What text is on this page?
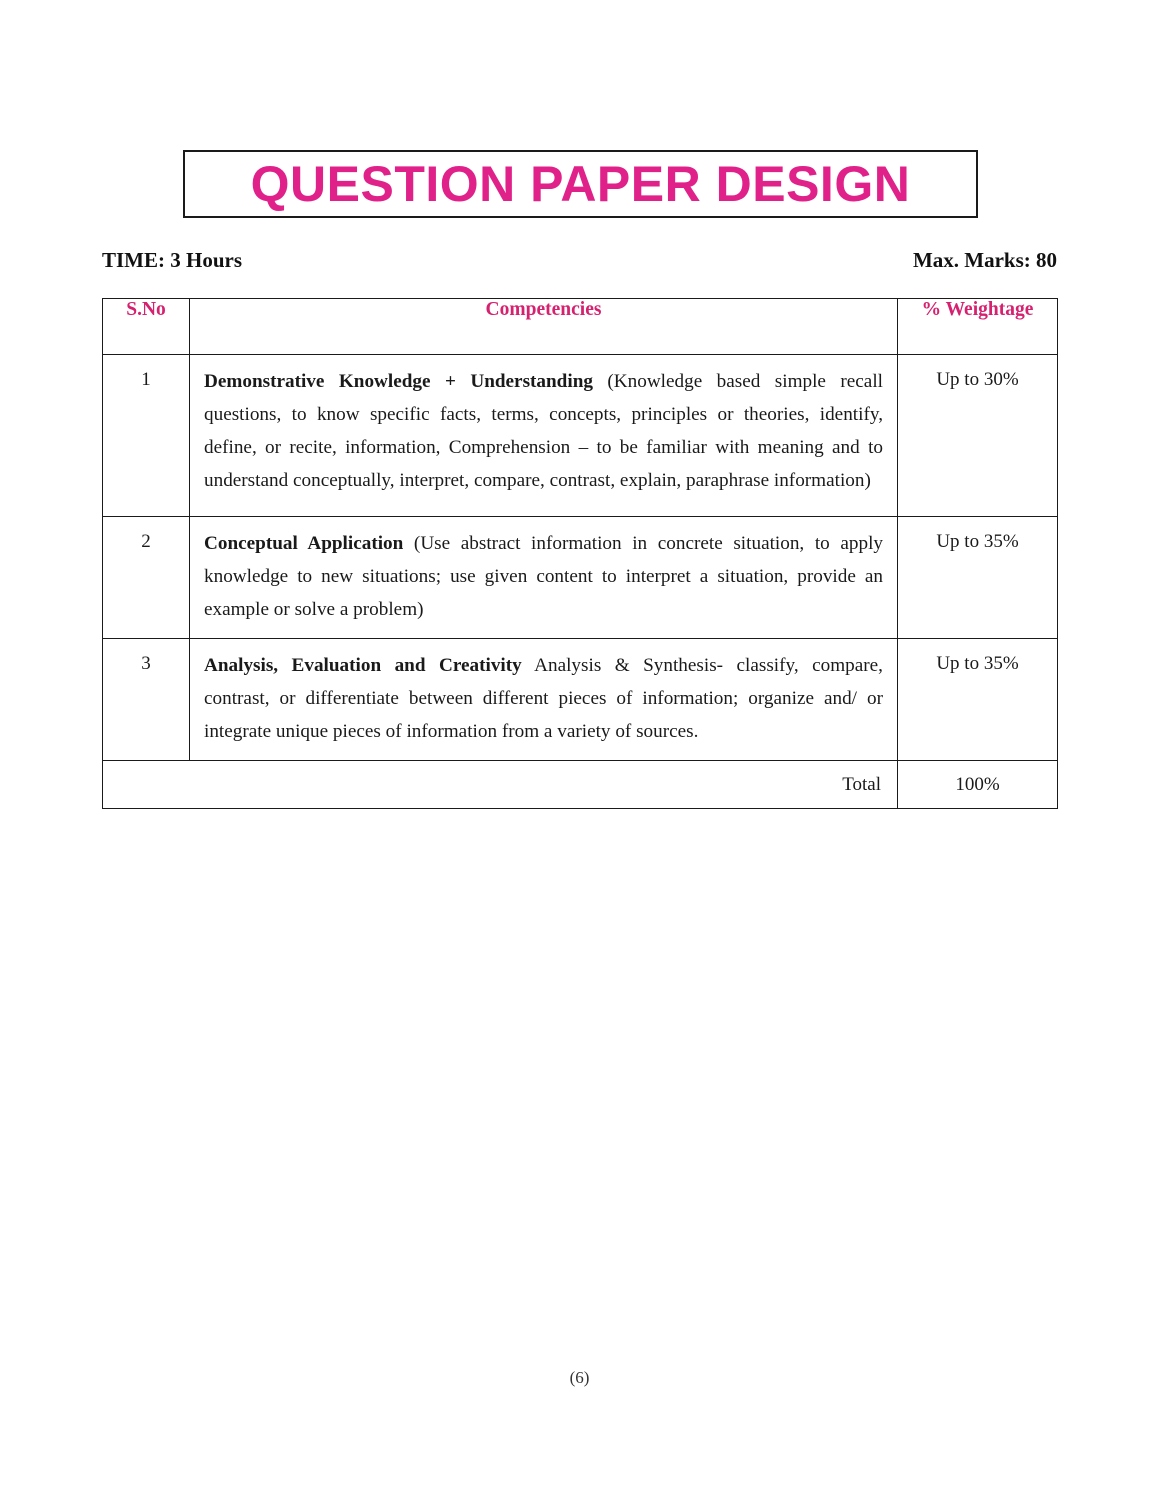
QUESTION PAPER DESIGN
TIME: 3 Hours	Max. Marks: 80
S.No	Competencies	% Weightage
1	Demonstrative Knowledge + Understanding (Knowledge based simple recall questions, to know specific facts, terms, concepts, principles or theories, identify, define, or recite, information, Comprehension – to be familiar with meaning and to understand conceptually, interpret, compare, contrast, explain, paraphrase information)	Up to 30%
2	Conceptual Application (Use abstract information in concrete situation, to apply knowledge to new situations; use given content to interpret a situation, provide an example or solve a problem)	Up to 35%
3	Analysis, Evaluation and Creativity Analysis & Synthesis- classify, compare, contrast, or differentiate between different pieces of information; organize and/ or integrate unique pieces of information from a variety of sources.	Up to 35%
Total		100%
(6)
